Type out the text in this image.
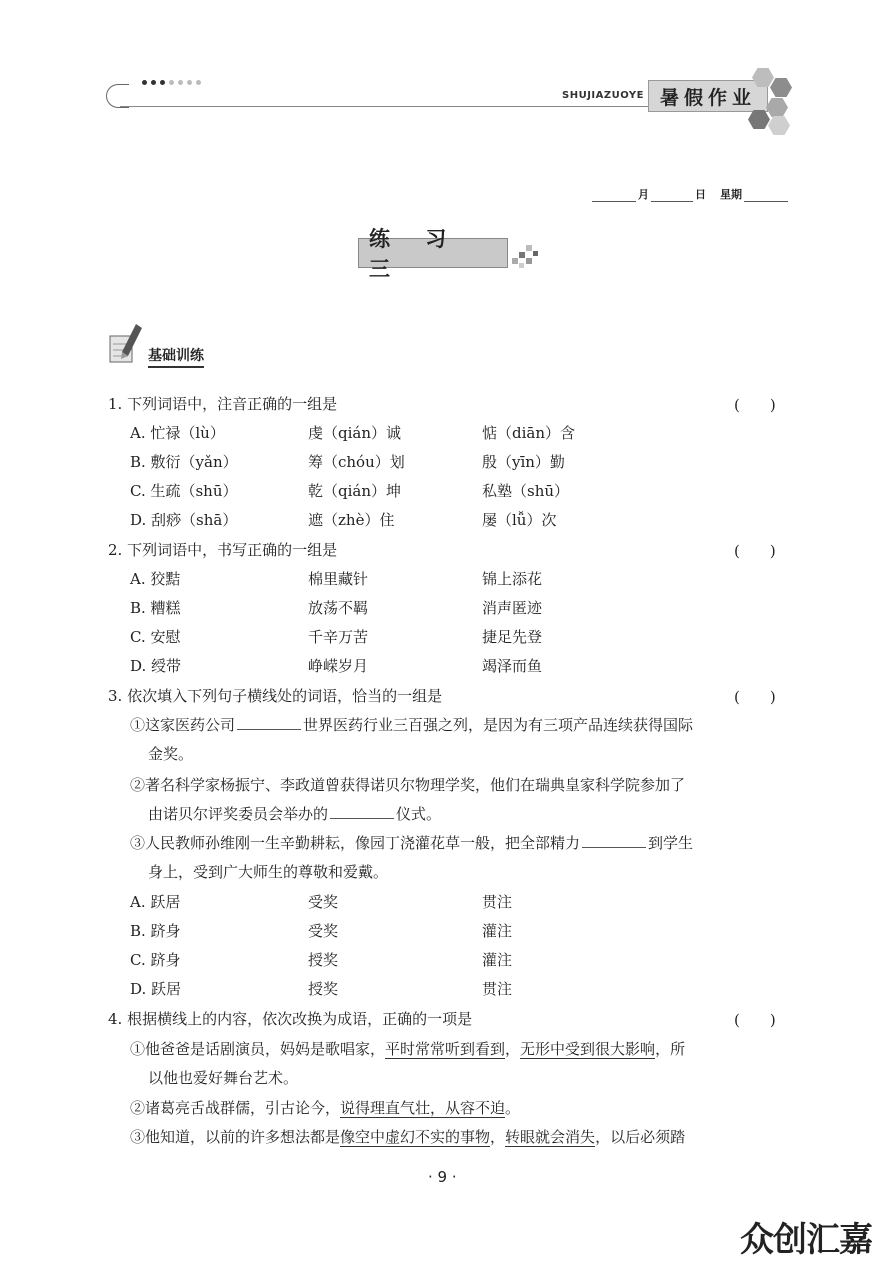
SHUJIAZUOYE 暑假作业
月	日 星期
练 习 三
基础训练
1. 下列词语中，注音正确的一组是	(　　)
A. 忙禄（lù）	虔（qián）诚	惦（diān）含
B. 敷衍（yǎn）	筹（chóu）划	殷（yīn）勤
C. 生疏（shū）	乾（qián）坤	私塾（shū）
D. 刮痧（shā）	遮（zhè）住	屡（lǚ）次
2. 下列词语中，书写正确的一组是	(　　)
A. 狡黠	棉里藏针	锦上添花
B. 糟糕	放荡不羁	消声匿迹
C. 安慰	千辛万苦	捷足先登
D. 绶带	峥嵘岁月	竭泽而鱼
3. 依次填入下列句子横线处的词语，恰当的一组是	(　　)
①这家医药公司	世界医药行业三百强之列，是因为有三项产品连续获得国际
金奖。
②著名科学家杨振宁、李政道曾获得诺贝尔物理学奖，他们在瑞典皇家科学院参加了
由诺贝尔评奖委员会举办的	仪式。
③人民教师孙维刚一生辛勤耕耘，像园丁浇灌花草一般，把全部精力	到学生
身上，受到广大师生的尊敬和爱戴。
A. 跃居	受奖	贯注
B. 跻身	受奖	灌注
C. 跻身	授奖	灌注
D. 跃居	授奖	贯注
4. 根据横线上的内容，依次改换为成语，正确的一项是	(　　)
①他爸爸是话剧演员，妈妈是歌唱家，平时常常听到看到，无形中受到很大影响，所
以他也爱好舞台艺术。
②诸葛亮舌战群儒，引古论今，说得理直气壮，从容不迫。
③他知道，以前的许多想法都是像空中虚幻不实的事物，转眼就会消失，以后必须踏
· 9 ·
众创汇嘉
